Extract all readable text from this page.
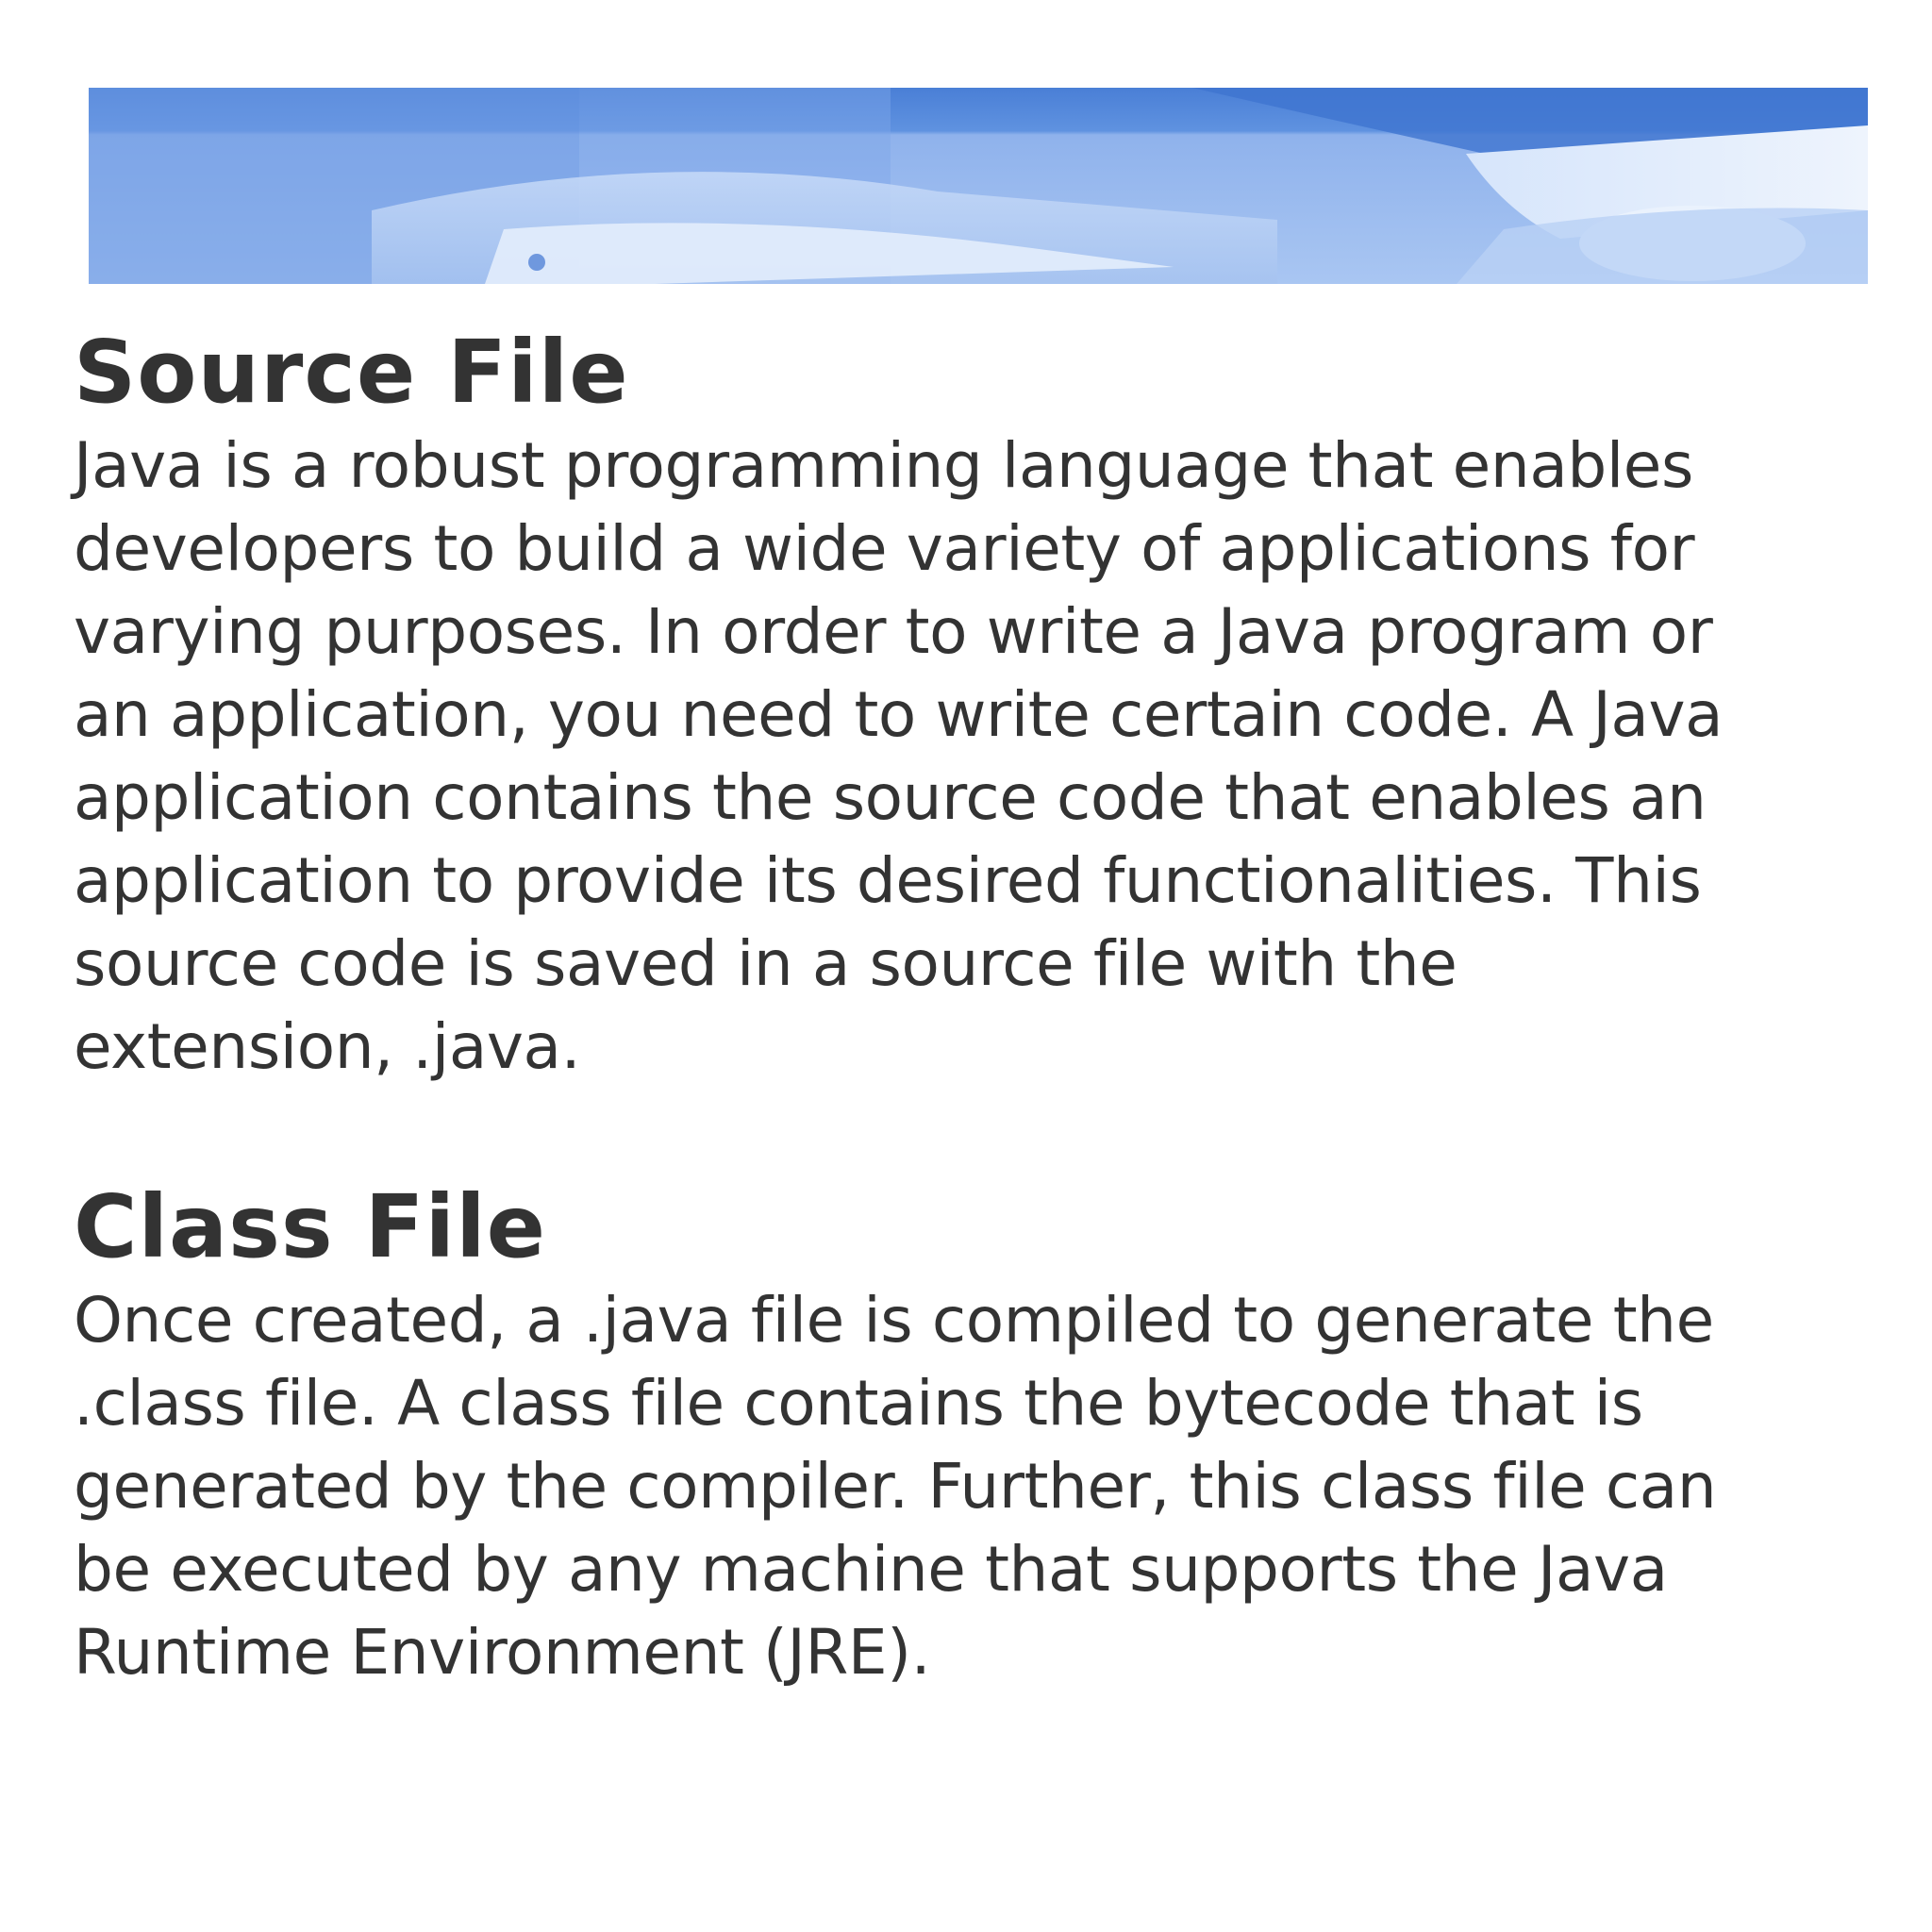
Source File

Java is a robust programming language that enables
developers to build a wide variety of applications for
varying purposes. In order to write a Java program or
an application, you need to write certain code. A Java
application contains the source code that enables an
application to provide its desired functionalities. This
source code is saved in a source file with the
extension, .java.

Class File

Once created, a .java file is compiled to generate the
.class file. A class file contains the bytecode that is
generated by the compiler. Further, this class file can
be executed by any machine that supports the Java
Runtime Environment (JRE).
